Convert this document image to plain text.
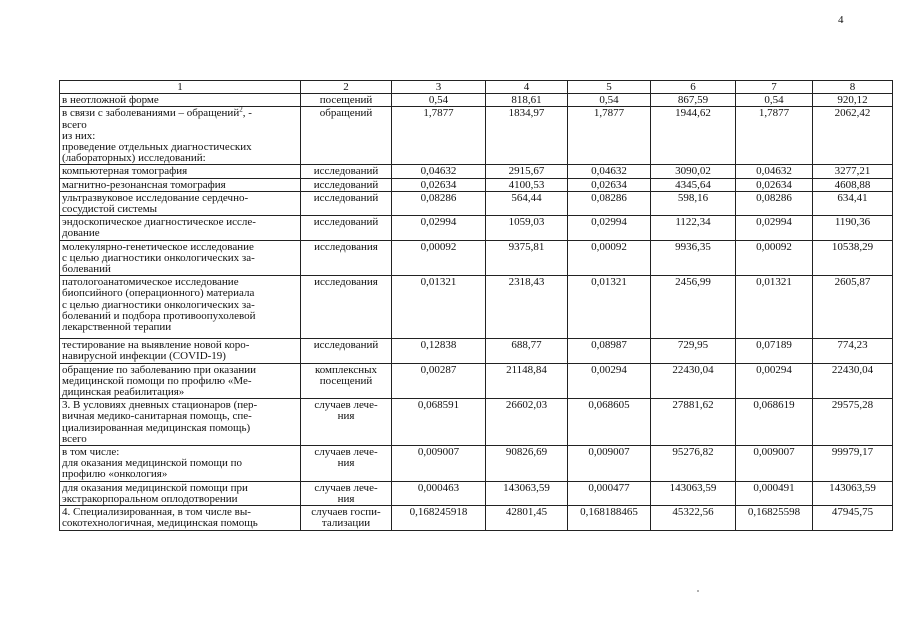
4
1	2	3	4	5	6	7	8

в неотложной форме	посещений	0,54	818,61	0,54	867,59	0,54	920,12

в связи с заболеваниями – обращений$^2$, -
всего
из них:
проведение отдельных диагностических
(лабораторных) исследований:	обращений	1,7877	1834,97	1,7877	1944,62	1,7877	2062,42

компьютерная томография	исследований	0,04632	2915,67	0,04632	3090,02	0,04632	3277,21

магнитно-резонансная томография	исследований	0,02634	4100,53	0,02634	4345,64	0,02634	4608,88

ультразвуковое исследование сердечно-
сосудистой системы	исследований	0,08286	564,44	0,08286	598,16	0,08286	634,41

эндоскопическое диагностическое иссле-
дование	исследований	0,02994	1059,03	0,02994	1122,34	0,02994	1190,36

молекулярно-генетическое исследование
с целью диагностики онкологических за-
болеваний	исследования	0,00092	9375,81	0,00092	9936,35	0,00092	10538,29

патологоанатомическое исследование
биопсийного (операционного) материала
с целью диагностики онкологических за-
болеваний и подбора противоопухолевой
лекарственной терапии	исследования	0,01321	2318,43	0,01321	2456,99	0,01321	2605,87

тестирование на выявление новой коро-
навирусной инфекции (COVID-19)	исследований	0,12838	688,77	0,08987	729,95	0,07189	774,23

обращение по заболеванию при оказании
медицинской помощи по профилю «Ме-
дицинская реабилитация»	комплексных
посещений	0,00287	21148,84	0,00294	22430,04	0,00294	22430,04

3. В условиях дневных стационаров (пер-
вичная медико-санитарная помощь, спе-
циализированная медицинская помощь)
всего	случаев лече-
ния	0,068591	26602,03	0,068605	27881,62	0,068619	29575,28

в том числе:
для оказания медицинской помощи по
профилю «онкология»	случаев лече-
ния	0,009007	90826,69	0,009007	95276,82	0,009007	99979,17

для оказания медицинской помощи при
экстракорпоральном оплодотворении	случаев лече-
ния	0,000463	143063,59	0,000477	143063,59	0,000491	143063,59

4. Специализированная, в том числе вы-
сокотехнологичная, медицинская помощь	случаев госпи-
тализации	0,168245918	42801,45	0,168188465	45322,56	0,16825598	47945,75
